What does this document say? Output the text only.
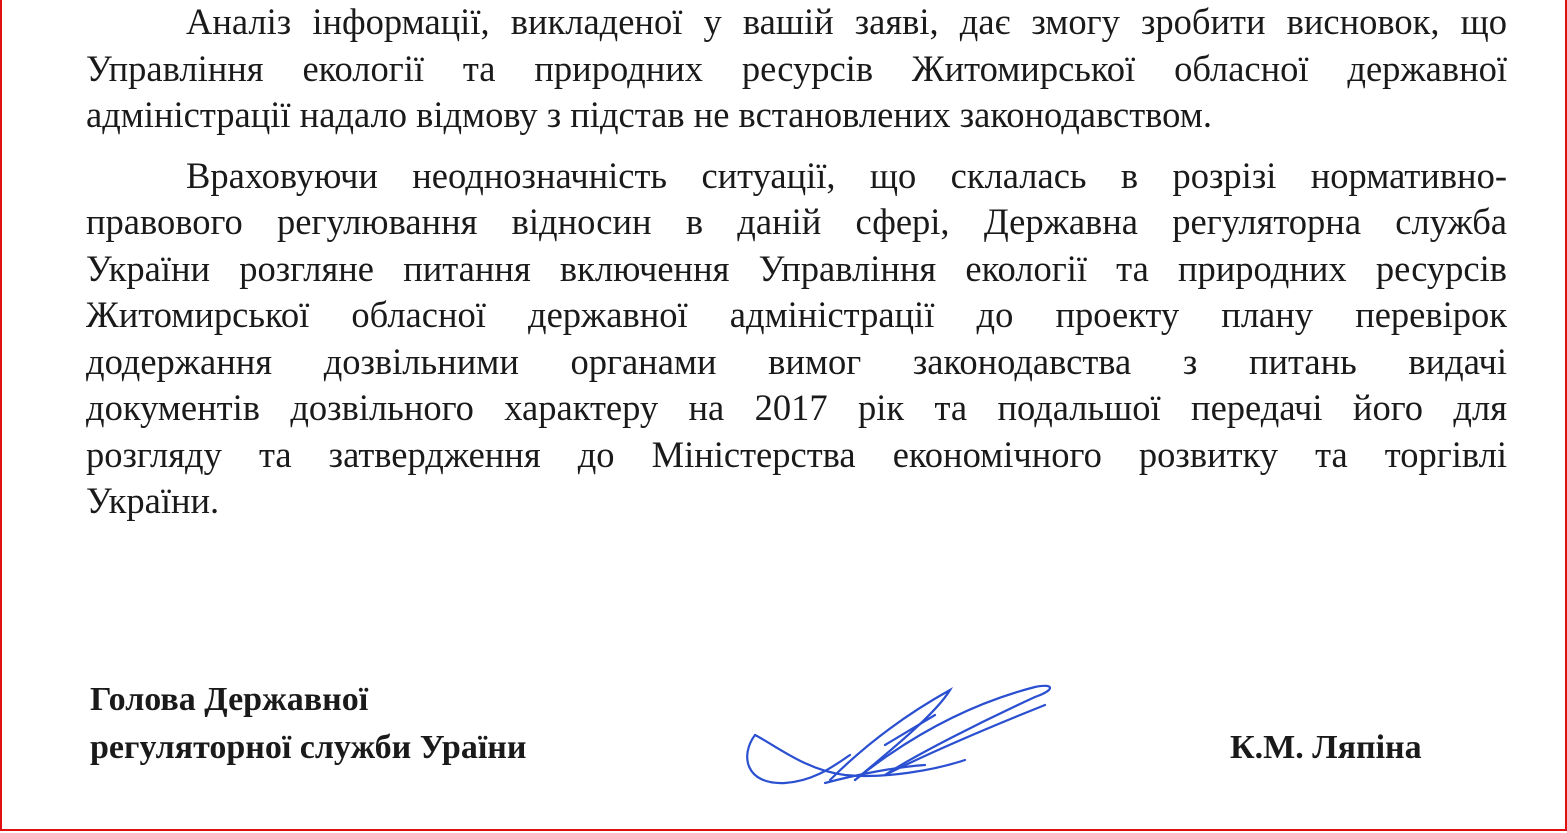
Аналіз інформації, викладеної у вашій заяві, дає змогу зробити висновок, що
Управління екології та природних ресурсів Житомирської обласної державної
адміністрації надало відмову з підстав не встановлених законодавством.

Враховуючи неоднозначність ситуації, що склалась в розрізі нормативно-
правового регулювання відносин в даній сфері, Державна регуляторна служба
України розгляне питання включення Управління екології та природних ресурсів
Житомирської обласної державної адміністрації до проекту плану перевірок
додержання дозвільними органами вимог законодавства з питань видачі
документів дозвільного характеру на 2017 рік та подальшої передачі його для
розгляду та затвердження до Міністерства економічного розвитку та торгівлі
України.

Голова Державної
регуляторної служби Ураїни	К.М. Ляпіна
